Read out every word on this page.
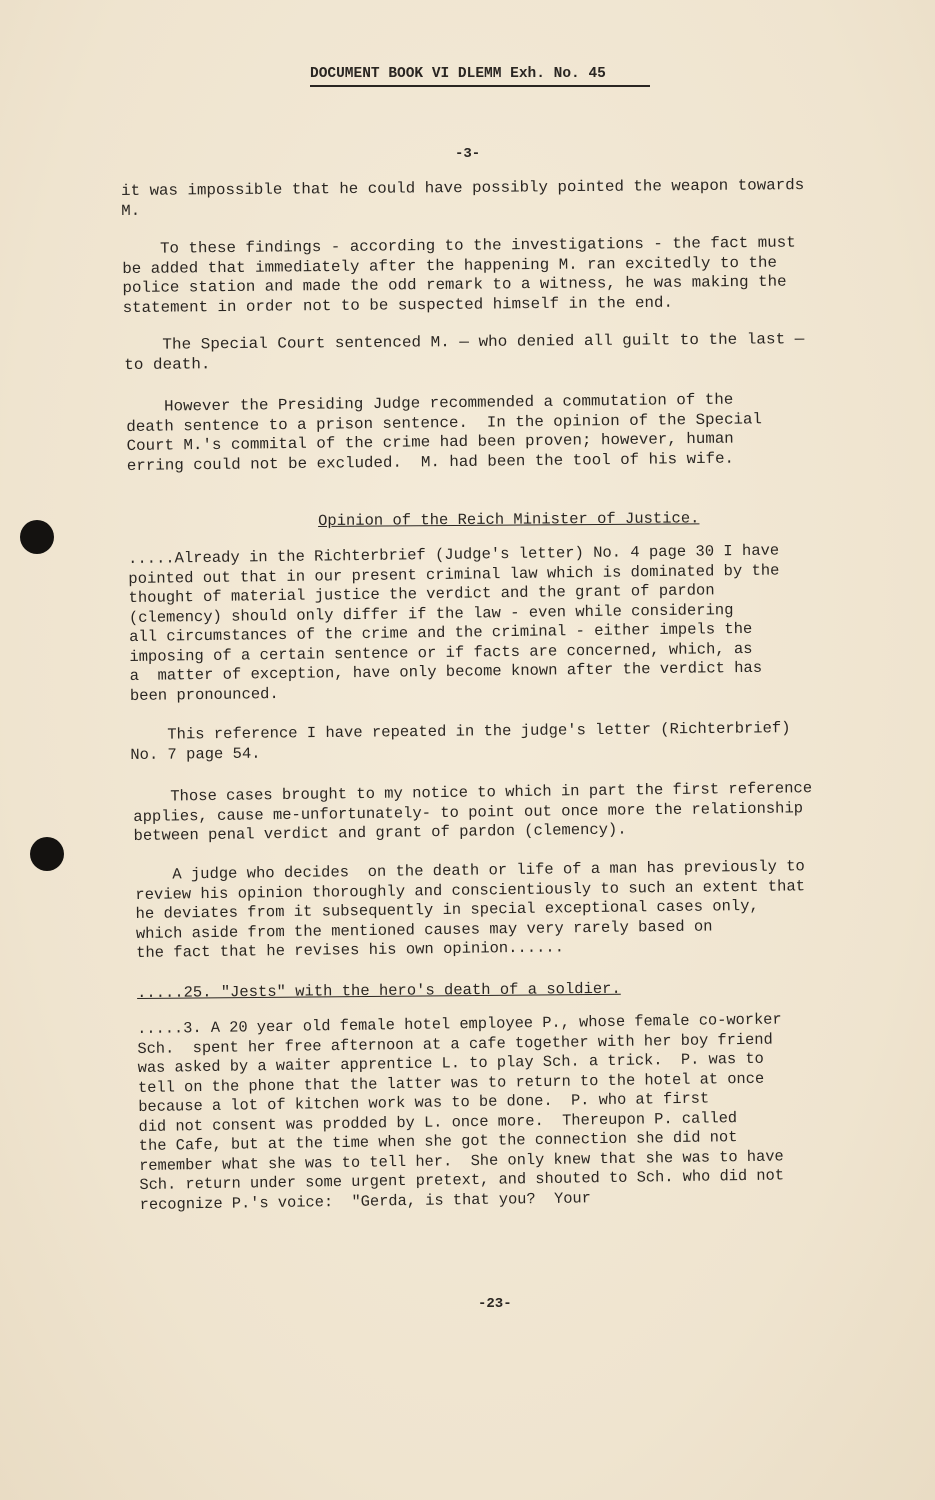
DOCUMENT BOOK VI DLEMM Exh. No. 45
-3-
it was impossible that he could have possibly pointed the weapon towards
M.
To these findings - according to the investigations - the fact must
be added that immediately after the happening M. ran excitedly to the
police station and made the odd remark to a witness, he was making the
statement in order not to be suspected himself in the end.
The Special Court sentenced M. — who denied all guilt to the last —
to death.
However the Presiding Judge recommended a commutation of the
death sentence to a prison sentence.  In the opinion of the Special
Court M.'s commital of the crime had been proven; however, human
erring could not be excluded.  M. had been the tool of his wife.
Opinion of the Reich Minister of Justice.
.....Already in the Richterbrief (Judge's letter) No. 4 page 30 I have
pointed out that in our present criminal law which is dominated by the
thought of material justice the verdict and the grant of pardon
(clemency) should only differ if the law - even while considering
all circumstances of the crime and the criminal - either impels the
imposing of a certain sentence or if facts are concerned, which, as
a  matter of exception, have only become known after the verdict has
been pronounced.
This reference I have repeated in the judge's letter (Richterbrief)
No. 7 page 54.
Those cases brought to my notice to which in part the first reference
applies, cause me-unfortunately- to point out once more the relationship
between penal verdict and grant of pardon (clemency).
A judge who decides  on the death or life of a man has previously to
review his opinion thoroughly and conscientiously to such an extent that
he deviates from it subsequently in special exceptional cases only,
which aside from the mentioned causes may very rarely based on
the fact that he revises his own opinion......
.....25. "Jests" with the hero's death of a soldier.
.....3. A 20 year old female hotel employee P., whose female co-worker
Sch.  spent her free afternoon at a cafe together with her boy friend
was asked by a waiter apprentice L. to play Sch. a trick.  P. was to
tell on the phone that the latter was to return to the hotel at once
because a lot of kitchen work was to be done.  P. who at first
did not consent was prodded by L. once more.  Thereupon P. called
the Cafe, but at the time when she got the connection she did not
remember what she was to tell her.  She only knew that she was to have
Sch. return under some urgent pretext, and shouted to Sch. who did not
recognize P.'s voice:  "Gerda, is that you?  Your
-23-
